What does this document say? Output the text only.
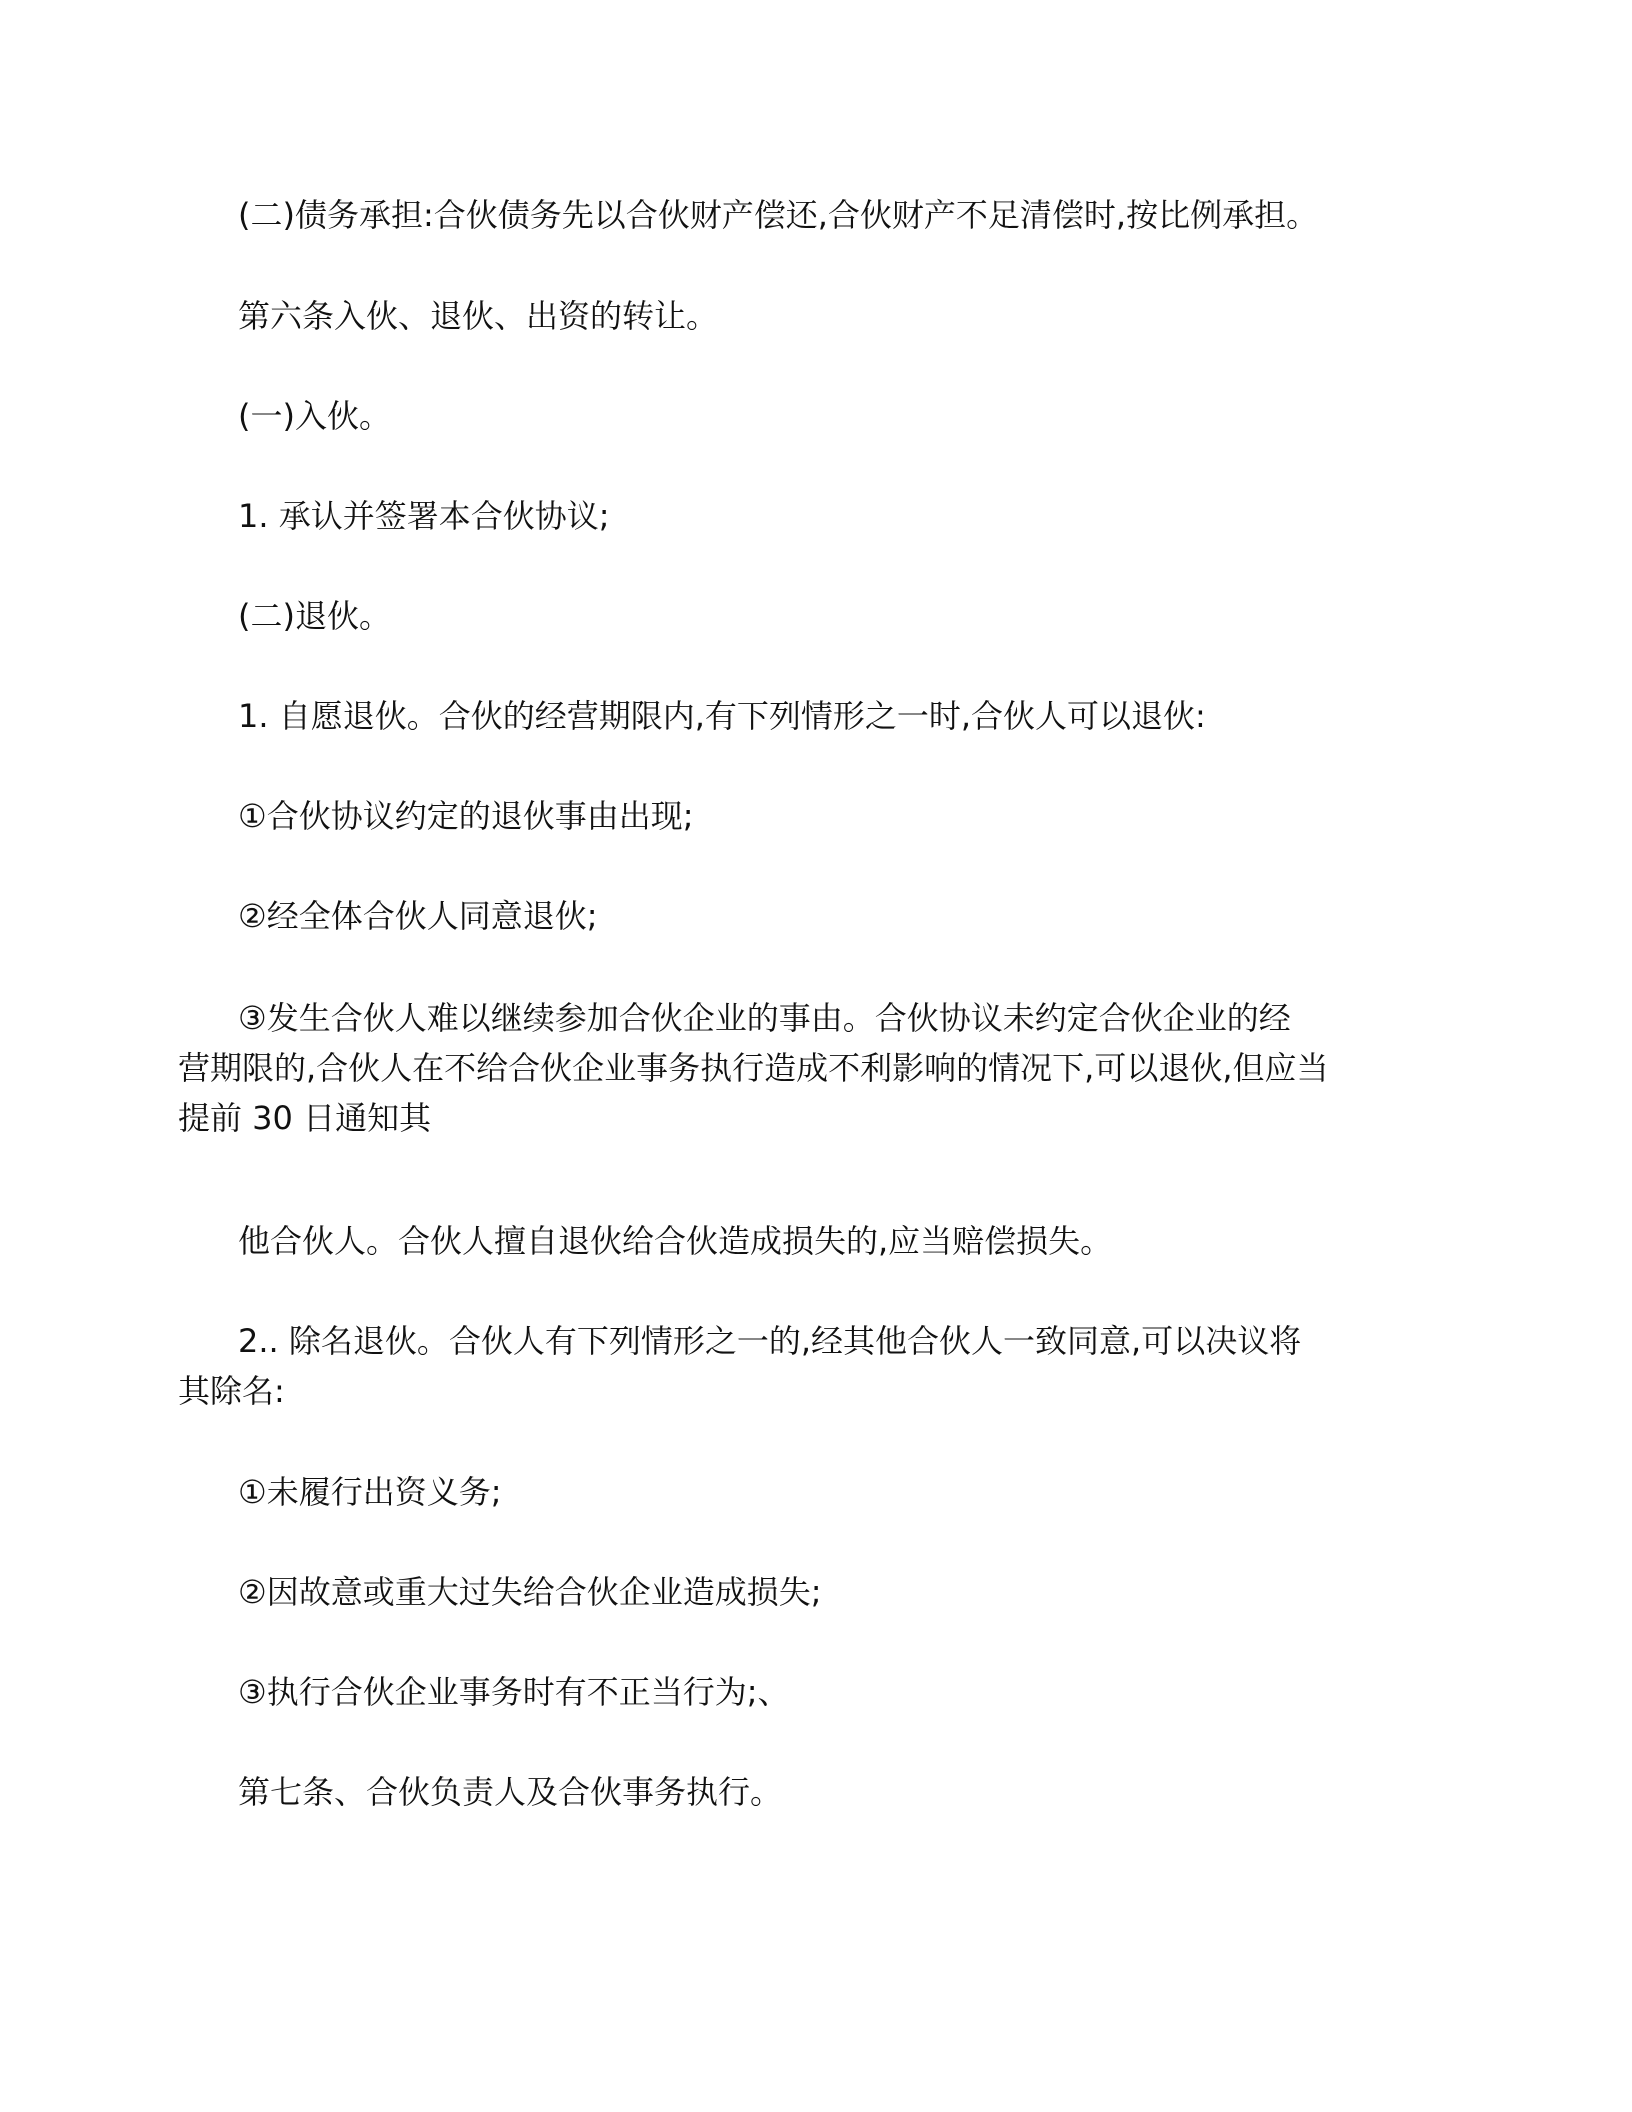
(二)债务承担:合伙债务先以合伙财产偿还,合伙财产不足清偿时,按比例承担。
第六条入伙、退伙、出资的转让。
(一)入伙。
1. 承认并签署本合伙协议;
(二)退伙。
1. 自愿退伙。合伙的经营期限内,有下列情形之一时,合伙人可以退伙:
①合伙协议约定的退伙事由出现;
②经全体合伙人同意退伙;
③发生合伙人难以继续参加合伙企业的事由。合伙协议未约定合伙企业的经
营期限的,合伙人在不给合伙企业事务执行造成不利影响的情况下,可以退伙,但应当
提前 30 日通知其
他合伙人。合伙人擅自退伙给合伙造成损失的,应当赔偿损失。
2.. 除名退伙。合伙人有下列情形之一的,经其他合伙人一致同意,可以决议将
其除名:
①未履行出资义务;
②因故意或重大过失给合伙企业造成损失;
③执行合伙企业事务时有不正当行为;、
第七条、合伙负责人及合伙事务执行。
